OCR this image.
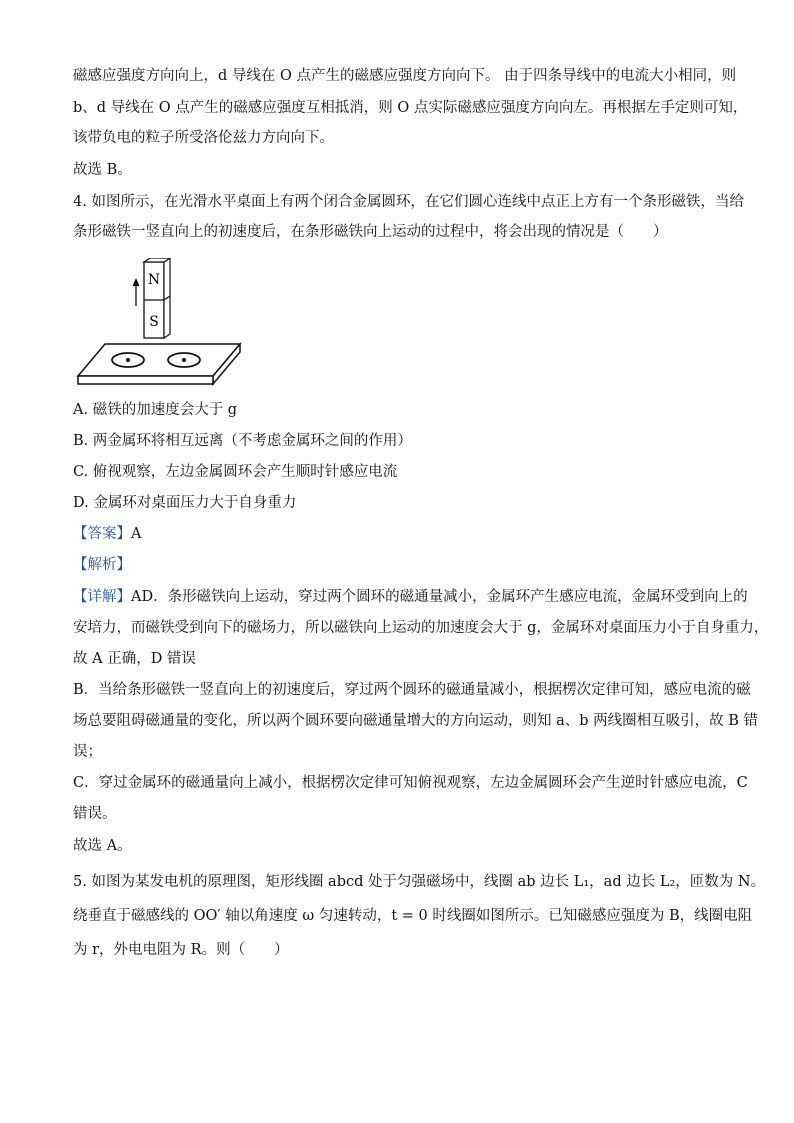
磁感应强度方向向上，d 导线在 O 点产生的磁感应强度方向向下。 由于四条导线中的电流大小相同，则
b、d 导线在 O 点产生的磁感应强度互相抵消，则 O 点实际磁感应强度方向向左。再根据左手定则可知，
该带负电的粒子所受洛伦兹力方向向下。
故选 B。
4. 如图所示，在光滑水平桌面上有两个闭合金属圆环，在它们圆心连线中点正上方有一个条形磁铁，当给
条形磁铁一竖直向上的初速度后，在条形磁铁向上运动的过程中，将会出现的情况是（　　）
N
S
A. 磁铁的加速度会大于 g
B. 两金属环将相互远离（不考虑金属环之间的作用）
C. 俯视观察，左边金属圆环会产生顺时针感应电流
D. 金属环对桌面压力大于自身重力
【答案】A
【解析】
【详解】AD．条形磁铁向上运动，穿过两个圆环的磁通量减小，金属环产生感应电流，金属环受到向上的
安培力，而磁铁受到向下的磁场力，所以磁铁向上运动的加速度会大于 g，金属环对桌面压力小于自身重力，
故 A 正确，D 错误
B．当给条形磁铁一竖直向上的初速度后，穿过两个圆环的磁通量减小，根据楞次定律可知，感应电流的磁
场总要阻碍磁通量的变化，所以两个圆环要向磁通量增大的方向运动，则知 a、b 两线圈相互吸引，故 B 错
误；
C．穿过金属环的磁通量向上减小，根据楞次定律可知俯视观察，左边金属圆环会产生逆时针感应电流，C
错误。
故选 A。
5. 如图为某发电机的原理图，矩形线圈 abcd 处于匀强磁场中，线圈 ab 边长 L₁，ad 边长 L₂，匝数为 N。
绕垂直于磁感线的 OO′ 轴以角速度 ω 匀速转动，t = 0 时线圈如图所示。已知磁感应强度为 B，线圈电阻
为 r，外电电阻为 R。则（　　）
